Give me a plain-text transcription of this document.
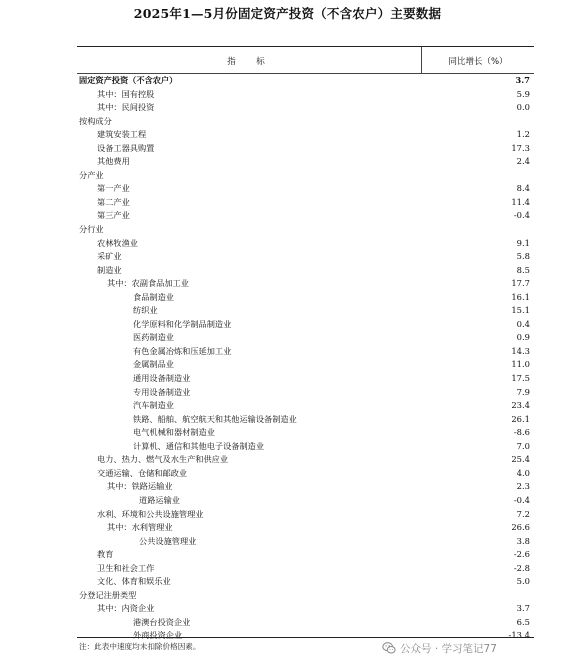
2025年1—5月份固定资产投资（不含农户）主要数据
指　标	同比增长（%）
固定资产投资（不含农户）	3.7
其中：国有控股	5.9
其中：民间投资	0.0
按构成分
建筑安装工程	1.2
设备工器具购置	17.3
其他费用	2.4
分产业
第一产业	8.4
第二产业	11.4
第三产业	-0.4
分行业
农林牧渔业	9.1
采矿业	5.8
制造业	8.5
其中：农副食品加工业	17.7
食品制造业	16.1
纺织业	15.1
化学原料和化学制品制造业	0.4
医药制造业	0.9
有色金属冶炼和压延加工业	14.3
金属制品业	11.0
通用设备制造业	17.5
专用设备制造业	7.9
汽车制造业	23.4
铁路、船舶、航空航天和其他运输设备制造业	26.1
电气机械和器材制造业	-8.6
计算机、通信和其他电子设备制造业	7.0
电力、热力、燃气及水生产和供应业	25.4
交通运输、仓储和邮政业	4.0
其中：铁路运输业	2.3
道路运输业	-0.4
水利、环境和公共设施管理业	7.2
其中：水利管理业	26.6
公共设施管理业	3.8
教育	-2.6
卫生和社会工作	-2.8
文化、体育和娱乐业	5.0
分登记注册类型
其中：内资企业	3.7
港澳台投资企业	6.5
外商投资企业	-13.4
注：此表中速度均未扣除价格因素。	公众号 · 学习笔记77
